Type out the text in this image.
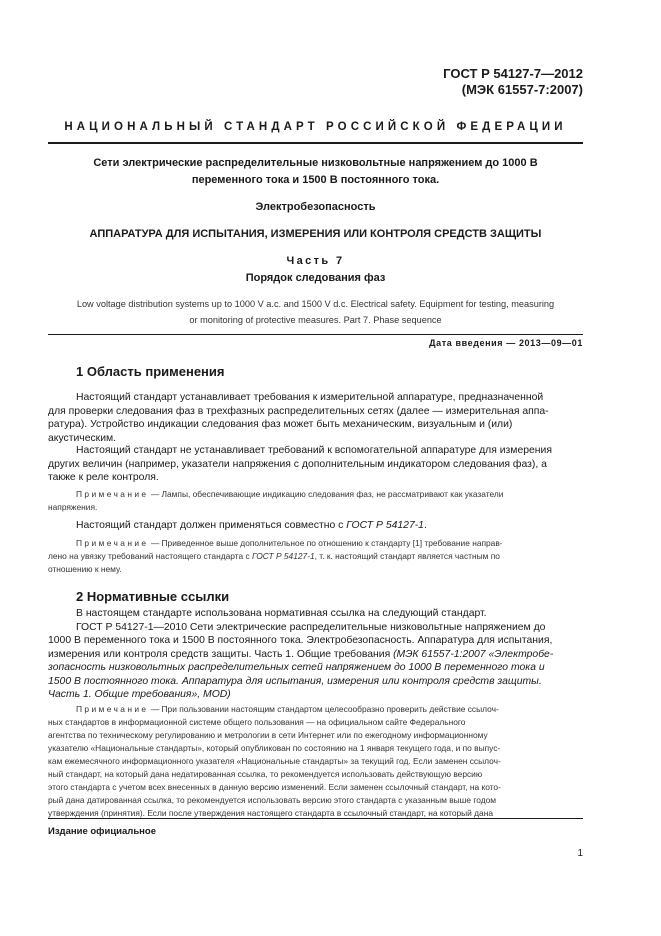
ГОСТ Р 54127-7—2012
(МЭК 61557-7:2007)
НАЦИОНАЛЬНЫЙ СТАНДАРТ РОССИЙСКОЙ ФЕДЕРАЦИИ
Сети электрические распределительные низковольтные напряжением до 1000 В
переменного тока и 1500 В постоянного тока.
Электробезопасность
АППАРАТУРА ДЛЯ ИСПЫТАНИЯ, ИЗМЕРЕНИЯ ИЛИ КОНТРОЛЯ СРЕДСТВ ЗАЩИТЫ
Часть 7
Порядок следования фаз
Low voltage distribution systems up to 1000 V a.c. and 1500 V d.c. Electrical safety. Equipment for testing, measuring
or monitoring of protective measures. Part 7. Phase sequence
Дата введения — 2013—09—01
1 Область применения
Настоящий стандарт устанавливает требования к измерительной аппаратуре, предназначенной
для проверки следования фаз в трехфазных распределительных сетях (далее — измерительная аппа-
ратура). Устройство индикации следования фаз может быть механическим, визуальным и (или)
акустическим.
Настоящий стандарт не устанавливает требований к вспомогательной аппаратуре для измерения
других величин (например, указатели напряжения с дополнительным индикатором следования фаз), а
также к реле контроля.
Примечание — Лампы, обеспечивающие индикацию следования фаз, не рассматривают как указатели
напряжения.
Настоящий стандарт должен применяться совместно с ГОСТ Р 54127-1.
Примечание — Приведенное выше дополнительное по отношению к стандарту [1] требование направ-
лено на увязку требований настоящего стандарта с ГОСТ Р 54127-1, т. к. настоящий стандарт является частным по
отношению к нему.
2 Нормативные ссылки
В настоящем стандарте использована нормативная ссылка на следующий стандарт.
ГОСТ Р 54127-1—2010 Сети электрические распределительные низковольтные напряжением до
1000 В переменного тока и 1500 В постоянного тока. Электробезопасность. Аппаратура для испытания,
измерения или контроля средств защиты. Часть 1. Общие требования (МЭК 61557-1:2007 «Электробе-
зопасность низковольтных распределительных сетей напряжением до 1000 В переменного тока и
1500 В постоянного тока. Аппаратура для испытания, измерения или контроля средств защиты.
Часть 1. Общие требования», MOD)
Примечание — При пользовании настоящим стандартом целесообразно проверить действие ссылоч-
ных стандартов в информационной системе общего пользования — на официальном сайте Федерального
агентства по техническому регулированию и метрологии в сети Интернет или по ежегодному информационному
указателю «Национальные стандарты», который опубликован по состоянию на 1 января текущего года, и по выпус-
кам ежемесячного информационного указателя «Национальные стандарты» за текущий год. Если заменен ссылоч-
ный стандарт, на который дана недатированная ссылка, то рекомендуется использовать действующую версию
этого стандарта с учетом всех внесенных в данную версию изменений. Если заменен ссылочный стандарт, на кото-
рый дана датированная ссылка, то рекомендуется использовать версию этого стандарта с указанным выше годом
утверждения (принятия). Если после утверждения настоящего стандарта в ссылочный стандарт, на который дана
Издание официальное
1
